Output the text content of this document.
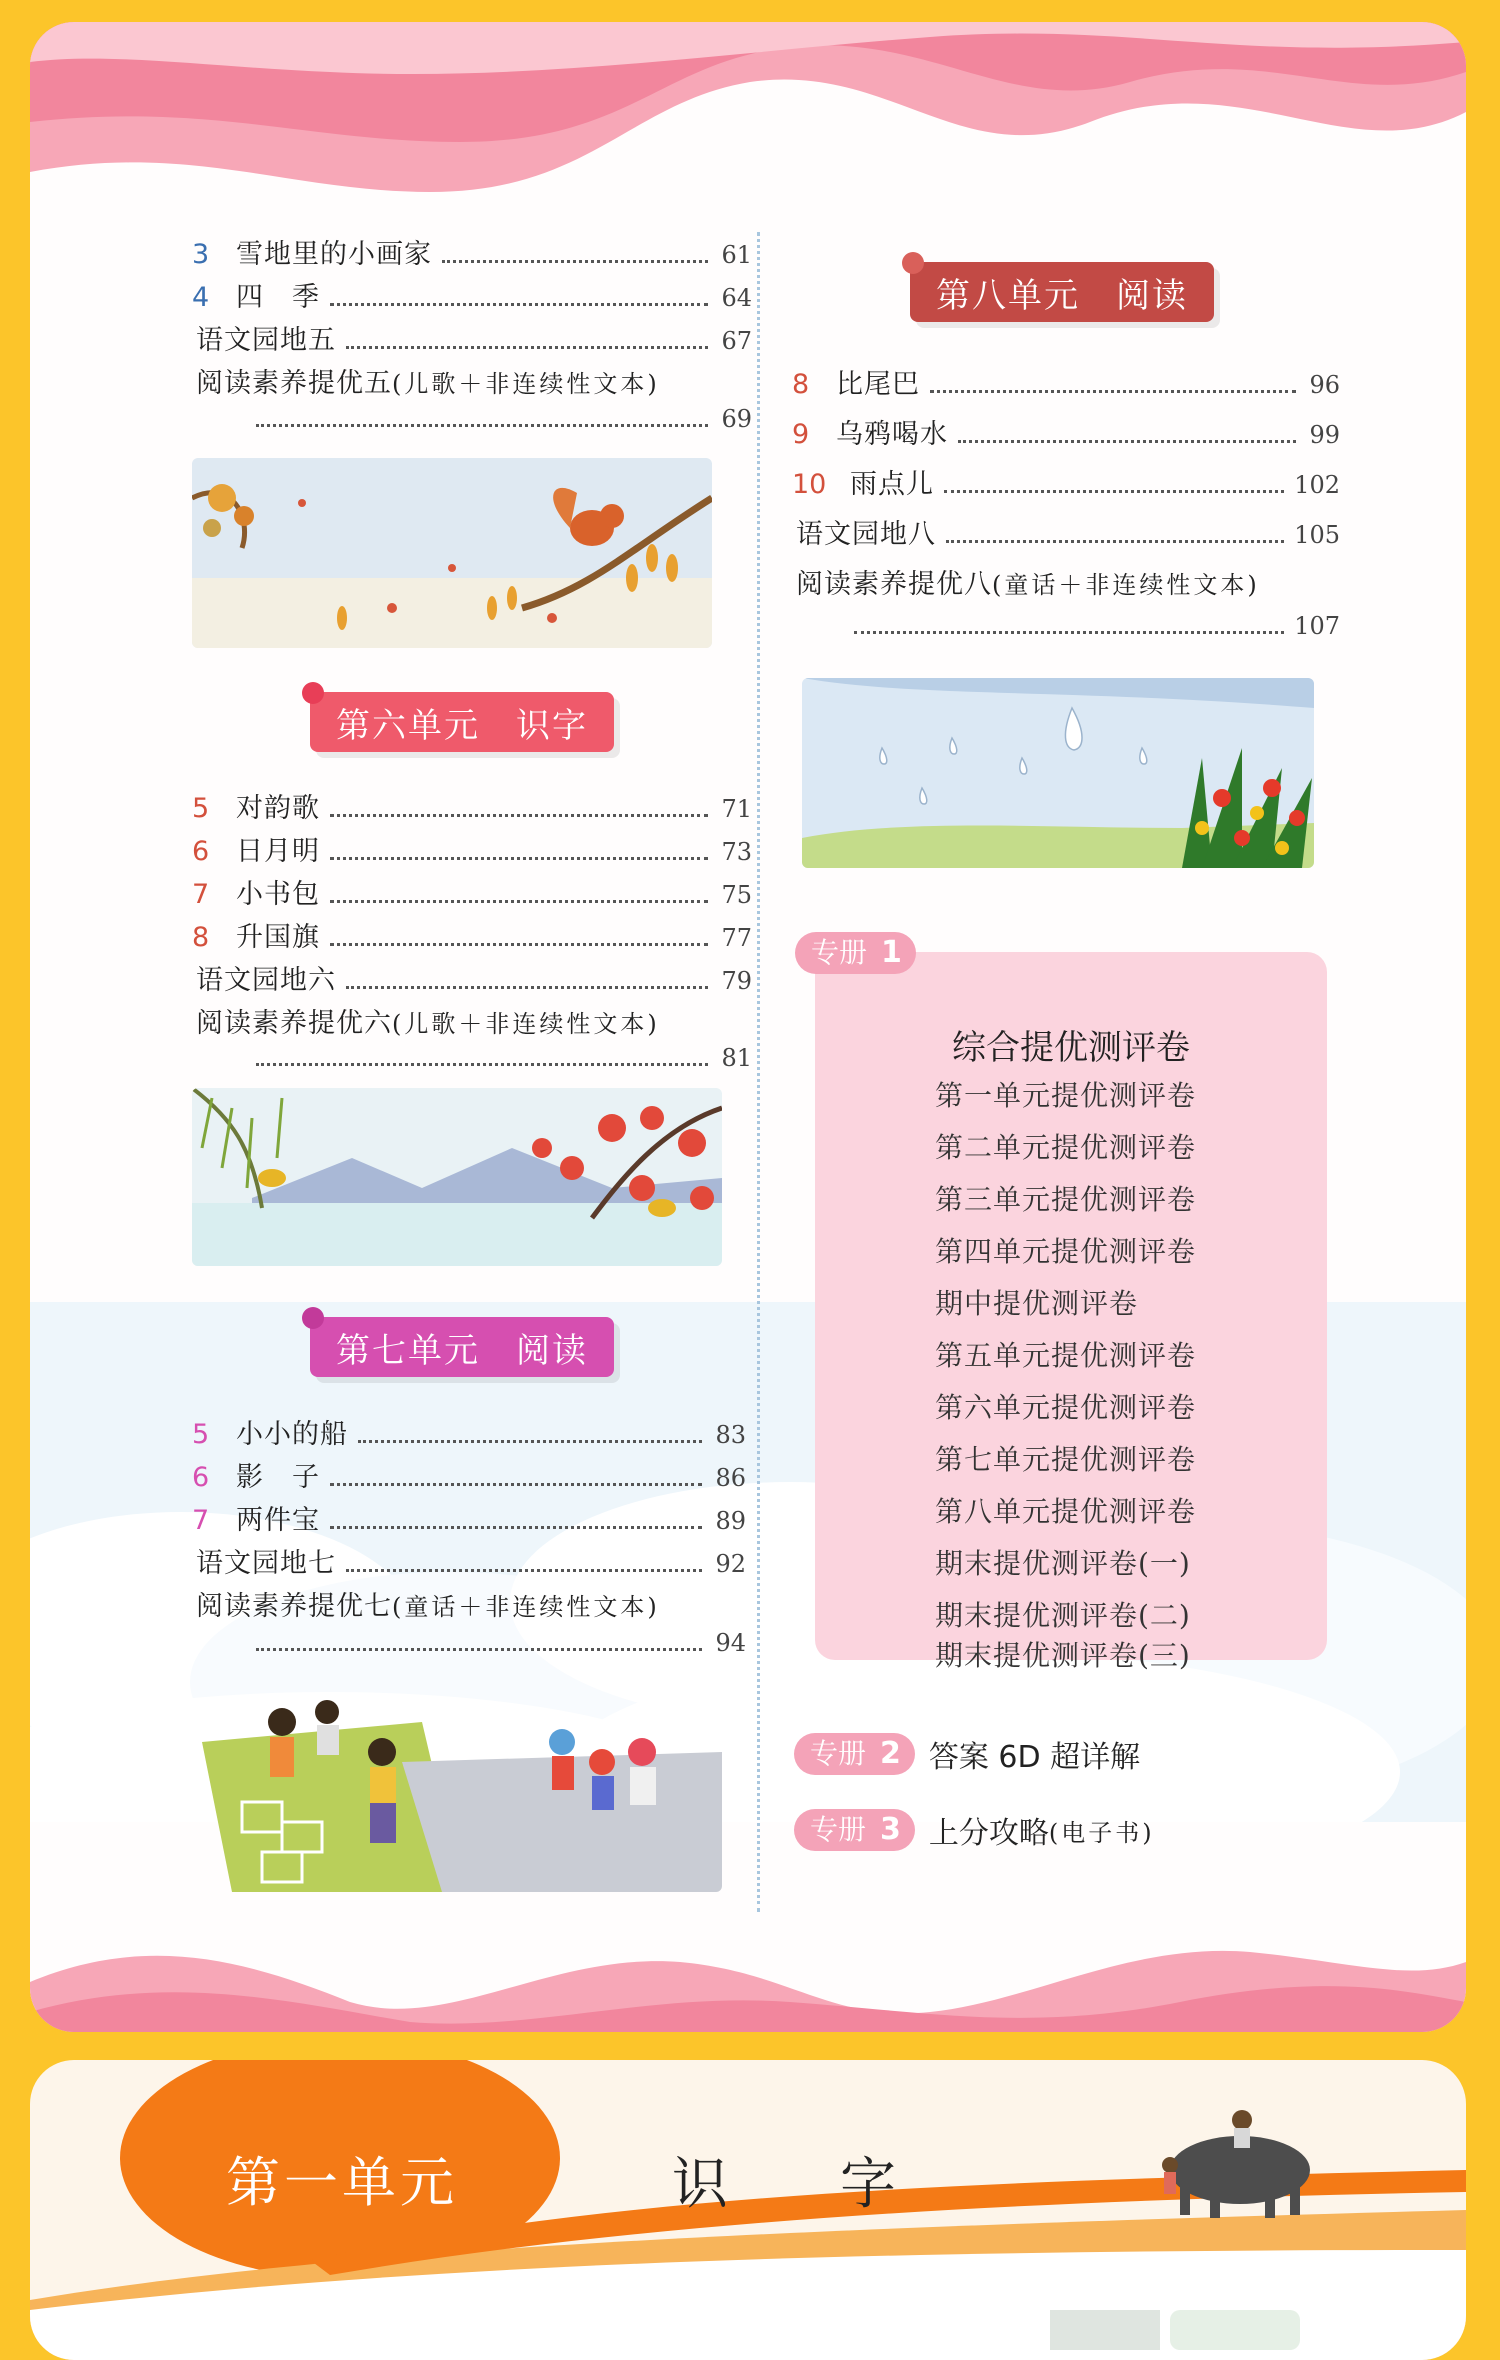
3 雪地里的小画家	61
4 四　季	64
语文园地五	67
阅读素养提优五 (儿歌＋非连续性文本)
69
第六单元　识字
5 对韵歌	71
6 日月明	73
7 小书包	75
8 升国旗	77
语文园地六	79
阅读素养提优六 (儿歌＋非连续性文本)
81
第七单元　阅读
5 小小的船	83
6 影　子	86
7 两件宝	89
语文园地七	92
阅读素养提优七 (童话＋非连续性文本)
94
第八单元　阅读
8 比尾巴	96
9 乌鸦喝水	99
10 雨点儿	102
语文园地八	105
阅读素养提优八 (童话＋非连续性文本)
107
专册 1
综合提优测评卷
第一单元提优测评卷
第二单元提优测评卷
第三单元提优测评卷
第四单元提优测评卷
期中提优测评卷
第五单元提优测评卷
第六单元提优测评卷
第七单元提优测评卷
第八单元提优测评卷
期末提优测评卷(一)
期末提优测评卷(二)
期末提优测评卷(三)
专册 2 答案 6D 超详解
专册 3 上分攻略 (电子书)
第一单元	识　　字
